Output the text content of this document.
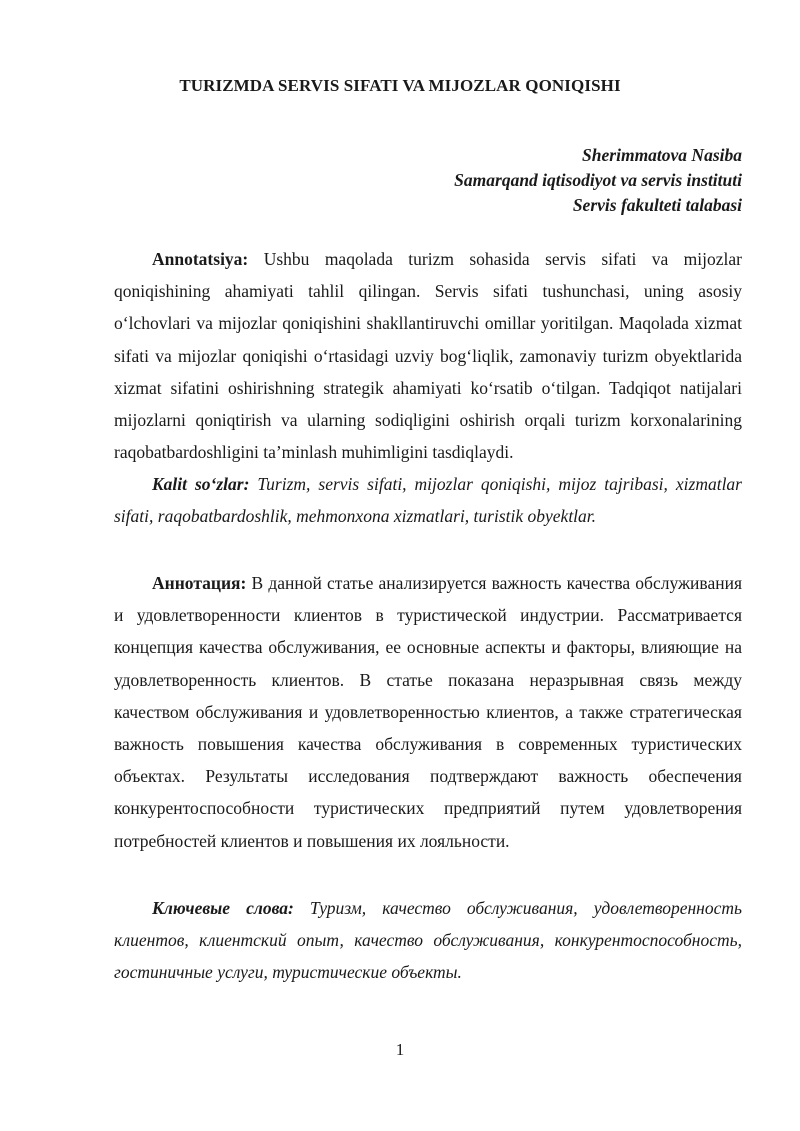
TURIZMDA SERVIS SIFATI VA MIJOZLAR QONIQISHI
Sherimmatova Nasiba
Samarqand iqtisodiyot va servis instituti
Servis fakulteti talabasi

Annotatsiya: Ushbu maqolada turizm sohasida servis sifati va mijozlar qoniqishining ahamiyati tahlil qilingan. Servis sifati tushunchasi, uning asosiy o‘lchovlari va mijozlar qoniqishini shakllantiruvchi omillar yoritilgan. Maqolada xizmat sifati va mijozlar qoniqishi o‘rtasidagi uzviy bog‘liqlik, zamonaviy turizm obyektlarida xizmat sifatini oshirishning strategik ahamiyati ko‘rsatib o‘tilgan. Tadqiqot natijalari mijozlarni qoniqtirish va ularning sodiqligini oshirish orqali turizm korxonalarining raqobatbardoshligini ta’minlash muhimligini tasdiqlaydi.

Kalit so‘zlar: Turizm, servis sifati, mijozlar qoniqishi, mijoz tajribasi, xizmatlar sifati, raqobatbardoshlik, mehmonxona xizmatlari, turistik obyektlar.

Аннотация: В данной статье анализируется важность качества обслуживания и удовлетворенности клиентов в туристической индустрии. Рассматривается концепция качества обслуживания, ее основные аспекты и факторы, влияющие на удовлетворенность клиентов. В статье показана неразрывная связь между качеством обслуживания и удовлетворенностью клиентов, а также стратегическая важность повышения качества обслуживания в современных туристических объектах. Результаты исследования подтверждают важность обеспечения конкурентоспособности туристических предприятий путем удовлетворения потребностей клиентов и повышения их лояльности.

Ключевые слова: Туризм, качество обслуживания, удовлетворенность клиентов, клиентский опыт, качество обслуживания, конкурентоспособность, гостиничные услуги, туристические объекты.

1
